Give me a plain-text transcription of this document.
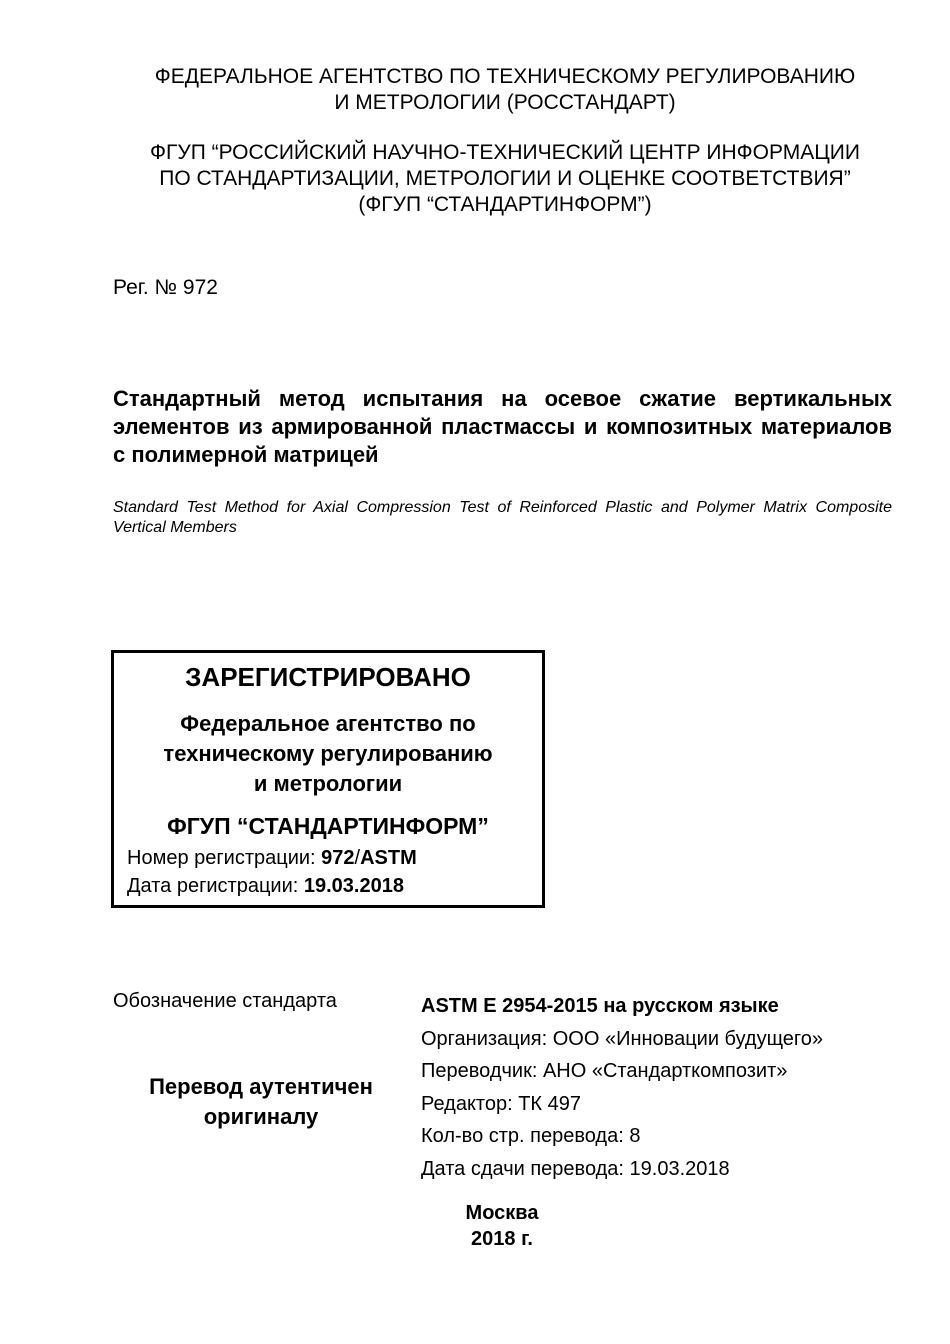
ФЕДЕРАЛЬНОЕ АГЕНТСТВО ПО ТЕХНИЧЕСКОМУ РЕГУЛИРОВАНИЮ
И МЕТРОЛОГИИ (РОССТАНДАРТ)
ФГУП “РОССИЙСКИЙ НАУЧНО-ТЕХНИЧЕСКИЙ ЦЕНТР ИНФОРМАЦИИ
ПО СТАНДАРТИЗАЦИИ, МЕТРОЛОГИИ И ОЦЕНКЕ СООТВЕТСТВИЯ”
(ФГУП “СТАНДАРТИНФОРМ”)
Рег. № 972
Стандартный метод испытания на осевое сжатие вертикальных элементов из армированной пластмассы и композитных материалов с полимерной матрицей
Standard Test Method for Axial Compression Test of Reinforced Plastic and Polymer Matrix Composite Vertical Members
ЗАРЕГИСТРИРОВАНО
Федеральное агентство по
техническому регулированию
и метрологии
ФГУП “СТАНДАРТИНФОРМ”
Номер регистрации: 972/ASTM
Дата регистрации: 19.03.2018
Обозначение стандарта
Перевод аутентичен
оригиналу
ASTM E 2954-2015 на русском языке
Организация: ООО «Инновации будущего»
Переводчик: АНО «Стандарткомпозит»
Редактор: ТК 497
Кол-во стр. перевода: 8
Дата сдачи перевода: 19.03.2018
Москва
2018 г.
